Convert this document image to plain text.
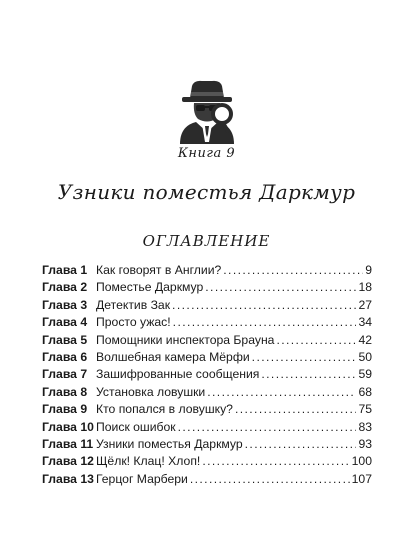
Книга 9
Узники поместья Даркмур
ОГЛАВЛЕНИЕ
Глава 1 Как говорят в Англии? . . .	9
Глава 2 Поместье Даркмур . . .	18
Глава 3 Детектив Зак . . .	27
Глава 4 Просто ужас! . . .	34
Глава 5 Помощники инспектора Брауна . . .	42
Глава 6 Волшебная камера Мёрфи . . .	50
Глава 7 Зашифрованные сообщения . . .	59
Глава 8 Установка ловушки . . .	68
Глава 9 Кто попался в ловушку? . . .	75
Глава 10 Поиск ошибок . . .	83
Глава 11 Узники поместья Даркмур . . .	93
Глава 12 Щёлк! Клац! Хлоп! . . .	100
Глава 13 Герцог Марбери . . .	107
